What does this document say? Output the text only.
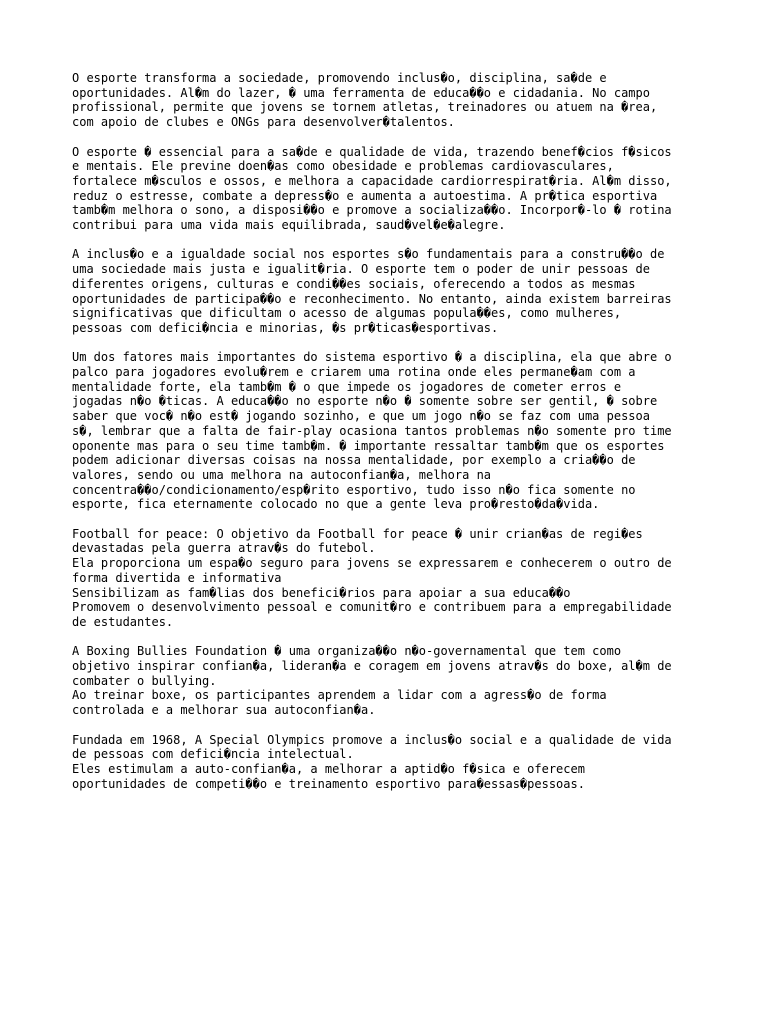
O esporte transforma a sociedade, promovendo inclus�o, disciplina, sa�de e
oportunidades. Al�m do lazer, � uma ferramenta de educa��o e cidadania. No campo
profissional, permite que jovens se tornem atletas, treinadores ou atuem na �rea,
com apoio de clubes e ONGs para desenvolver�talentos.
O esporte � essencial para a sa�de e qualidade de vida, trazendo benef�cios f�sicos
e mentais. Ele previne doen�as como obesidade e problemas cardiovasculares,
fortalece m�sculos e ossos, e melhora a capacidade cardiorrespirat�ria. Al�m disso,
reduz o estresse, combate a depress�o e aumenta a autoestima. A pr�tica esportiva
tamb�m melhora o sono, a disposi��o e promove a socializa��o. Incorpor�-lo � rotina
contribui para uma vida mais equilibrada, saud�vel�e�alegre.
A inclus�o e a igualdade social nos esportes s�o fundamentais para a constru��o de
uma sociedade mais justa e igualit�ria. O esporte tem o poder de unir pessoas de
diferentes origens, culturas e condi��es sociais, oferecendo a todos as mesmas
oportunidades de participa��o e reconhecimento. No entanto, ainda existem barreiras
significativas que dificultam o acesso de algumas popula��es, como mulheres,
pessoas com defici�ncia e minorias, �s pr�ticas�esportivas.
Um dos fatores mais importantes do sistema esportivo � a disciplina, ela que abre o
palco para jogadores evolu�rem e criarem uma rotina onde eles permane�am com a
mentalidade forte, ela tamb�m � o que impede os jogadores de cometer erros e
jogadas n�o �ticas. A educa��o no esporte n�o � somente sobre ser gentil, � sobre
saber que voc� n�o est� jogando sozinho, e que um jogo n�o se faz com uma pessoa
s�, lembrar que a falta de fair-play ocasiona tantos problemas n�o somente pro time
oponente mas para o seu time tamb�m. � importante ressaltar tamb�m que os esportes
podem adicionar diversas coisas na nossa mentalidade, por exemplo a cria��o de
valores, sendo ou uma melhora na autoconfian�a, melhora na
concentra��o/condicionamento/esp�rito esportivo, tudo isso n�o fica somente no
esporte, fica eternamente colocado no que a gente leva pro�resto�da�vida.
Football for peace: O objetivo da Football for peace � unir crian�as de regi�es
devastadas pela guerra atrav�s do futebol.
Ela proporciona um espa�o seguro para jovens se expressarem e conhecerem o outro de
forma divertida e informativa
Sensibilizam as fam�lias dos benefici�rios para apoiar a sua educa��o
Promovem o desenvolvimento pessoal e comunit�ro e contribuem para a empregabilidade
de estudantes.
A Boxing Bullies Foundation � uma organiza��o n�o-governamental que tem como
objetivo inspirar confian�a, lideran�a e coragem em jovens atrav�s do boxe, al�m de
combater o bullying.
Ao treinar boxe, os participantes aprendem a lidar com a agress�o de forma
controlada e a melhorar sua autoconfian�a.
Fundada em 1968, A Special Olympics promove a inclus�o social e a qualidade de vida
de pessoas com defici�ncia intelectual.
Eles estimulam a auto-confian�a, a melhorar a aptid�o f�sica e oferecem
oportunidades de competi��o e treinamento esportivo para�essas�pessoas.
